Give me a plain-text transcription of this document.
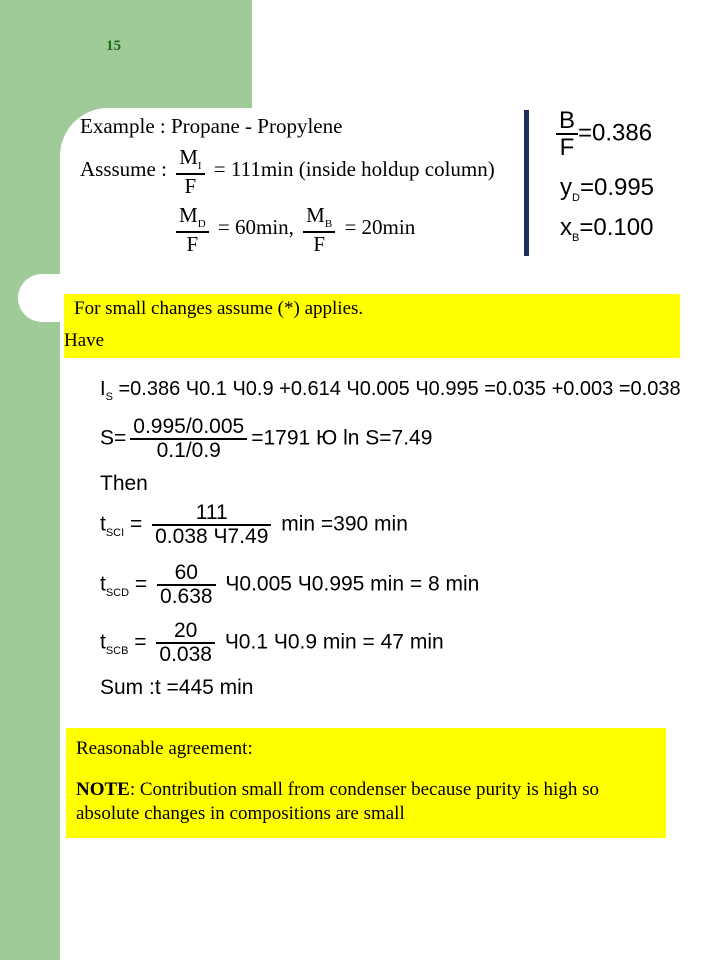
15
Example : Propane - Propylene
Asssume : $\frac{M_I}{F} = 111\min$ (inside holdup column)
$\frac{M_D}{F} = 60\min$, $\frac{M_B}{F} = 20\min$
$\frac{B}{F} =0.386$
$y_D=0.995$
$x_B=0.100$

For small changes assume (*) applies.

Have

$I_S =0.386$ Ч0.1 Ч0.9 +0.614 Ч0.005 Ч0.995 =0.035 +0.003 =0.038
$S= \frac{0.995/0.005}{0.1/0.9} =1791$ Ю ln S=7.49
Then
$t_{SCI} = \frac{111}{0.038 Ч7.49}$ min =390 min
$t_{SCD} = \frac{60}{0.638} Ч0.005$ Ч0.995 min = 8 min
$t_{SCB} = \frac{20}{0.038} Ч0.1$ Ч0.9 min = 47 min
Sum :t =445 min

Reasonable agreement:

NOTE: Contribution small from condenser because purity is high so absolute changes in compositions are small
